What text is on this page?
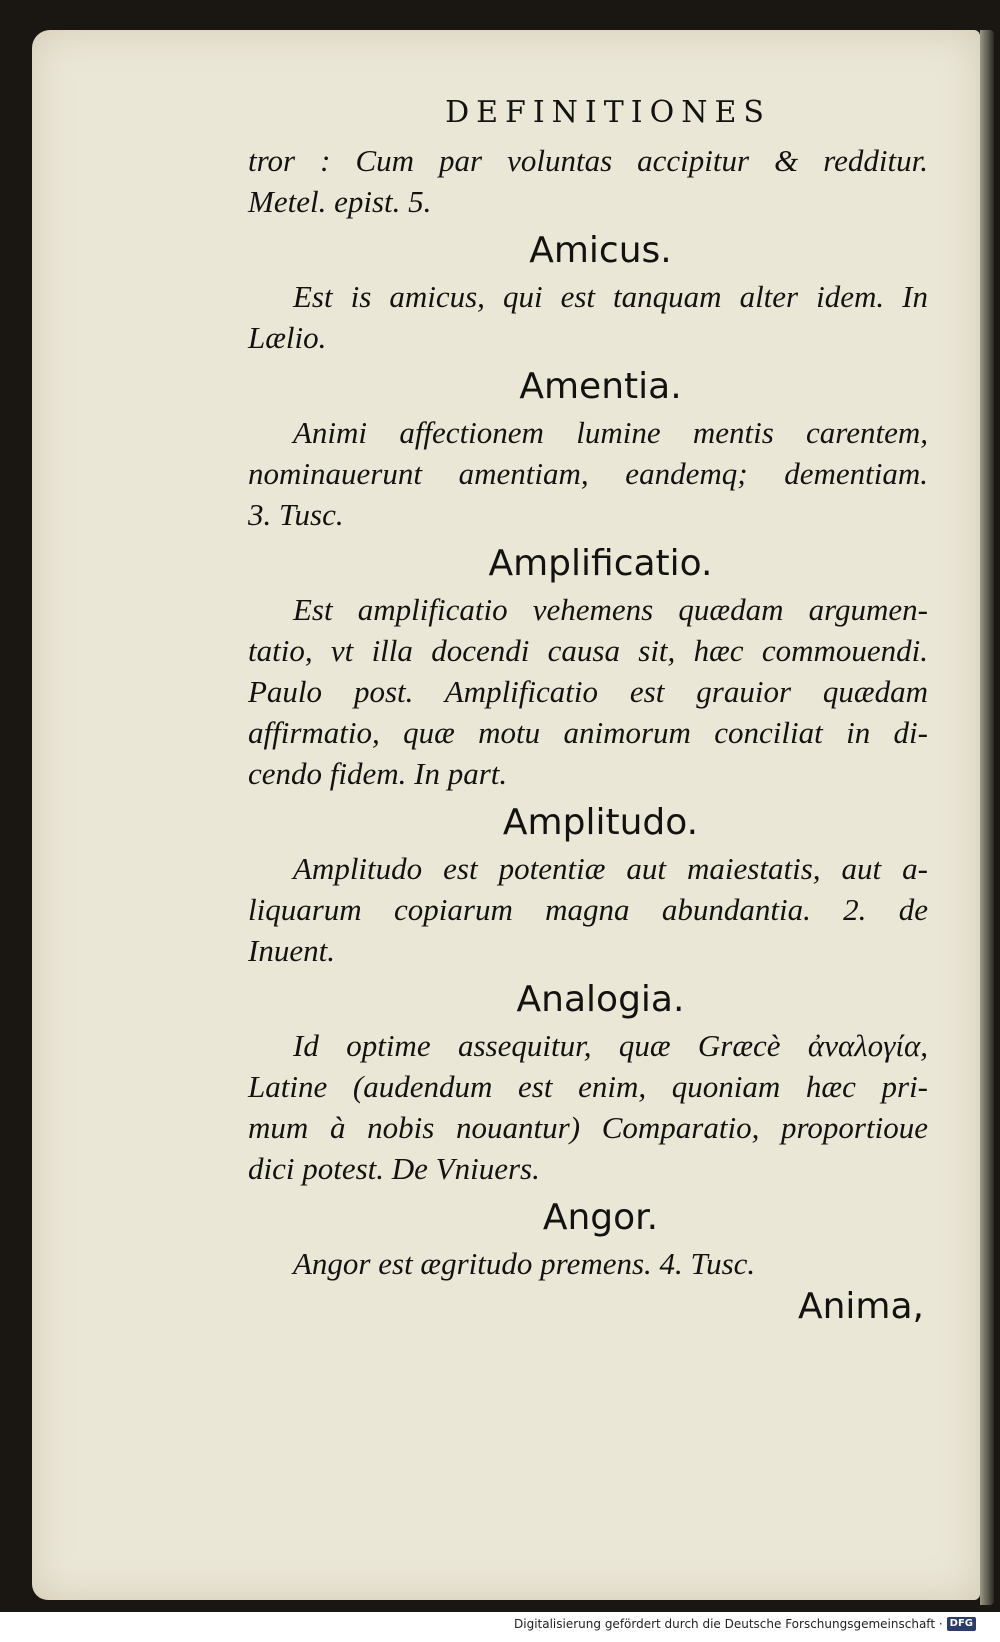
DEFINITIONES
tror : Cum par voluntas accipitur & redditur.
Metel. epist. 5.
Amicus.
Est is amicus, qui est tanquam alter idem. In
Lælio.
Amentia.
Animi affectionem lumine mentis carentem,
nominauerunt amentiam, eandemq; dementiam.
3. Tusc.
Amplificatio.
Est amplificatio vehemens quædam argumen-
tatio, vt illa docendi causa sit, hæc commouendi.
Paulo post. Amplificatio est grauior quædam
affirmatio, quæ motu animorum conciliat in di-
cendo fidem. In part.
Amplitudo.
Amplitudo est potentiæ aut maiestatis, aut a-
liquarum copiarum magna abundantia. 2. de
Inuent.
Analogia.
Id optime assequitur, quæ Græcè ἀναλογία,
Latine (audendum est enim, quoniam hæc pri-
mum à nobis nouantur) Comparatio, proportioue
dici potest. De Vniuers.
Angor.
Angor est ægritudo premens. 4. Tusc.
Anima,
Digitalisierung gefördert durch die Deutsche Forschungsgemeinschaft · DFG
